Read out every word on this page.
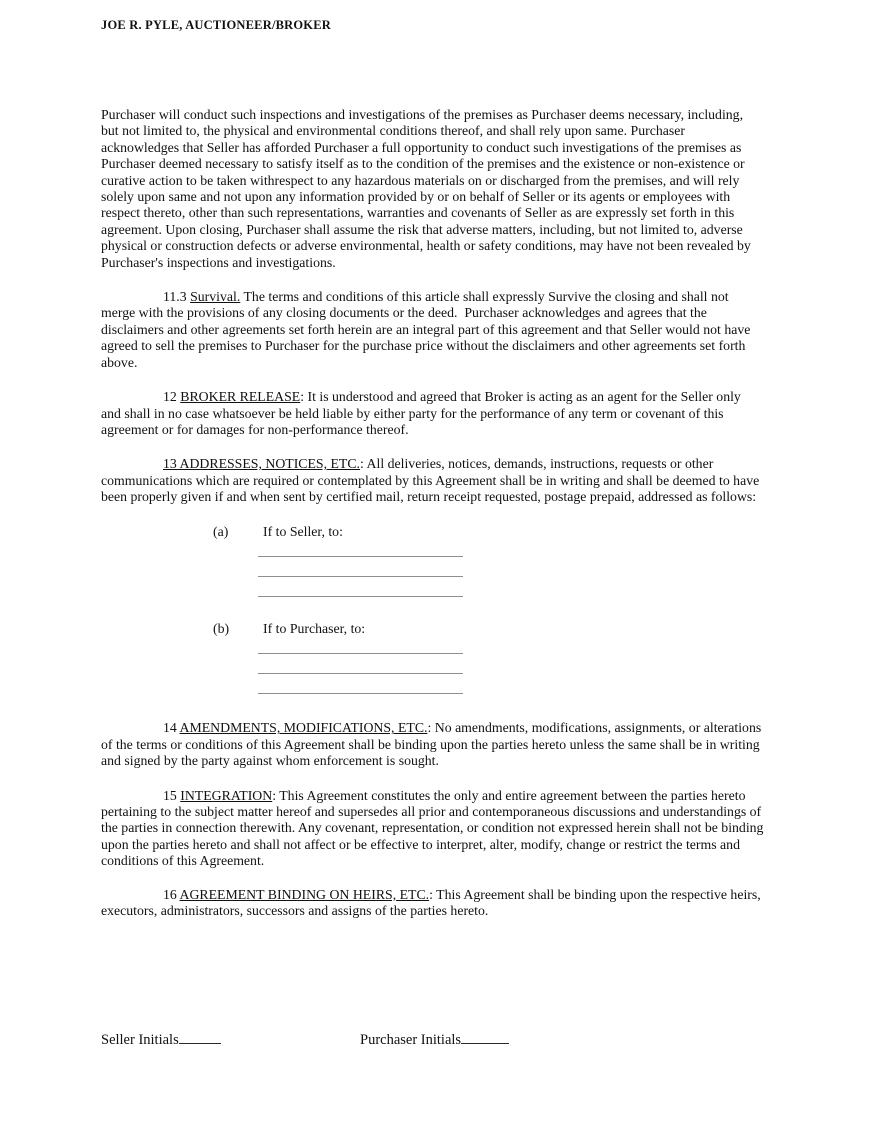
JOE R. PYLE, AUCTIONEER/BROKER

Purchaser will conduct such inspections and investigations of the premises as Purchaser deems necessary, including, but not limited to, the physical and environmental conditions thereof, and shall rely upon same. Purchaser acknowledges that Seller has afforded Purchaser a full opportunity to conduct such investigations of the premises as Purchaser deemed necessary to satisfy itself as to the condition of the premises and the existence or non-existence or curative action to be taken withrespect to any hazardous materials on or discharged from the premises, and will rely solely upon same and not upon any information provided by or on behalf of Seller or its agents or employees with respect thereto, other than such representations, warranties and covenants of Seller as are expressly set forth in this agreement. Upon closing, Purchaser shall assume the risk that adverse matters, including, but not limited to, adverse physical or construction defects or adverse environmental, health or safety conditions, may have not been revealed by Purchaser's inspections and investigations.

11.3 Survival. The terms and conditions of this article shall expressly Survive the closing and shall not merge with the provisions of any closing documents or the deed.  Purchaser acknowledges and agrees that the disclaimers and other agreements set forth herein are an integral part of this agreement and that Seller would not have agreed to sell the premises to Purchaser for the purchase price without the disclaimers and other agreements set forth above.

12 BROKER RELEASE: It is understood and agreed that Broker is acting as an agent for the Seller only and shall in no case whatsoever be held liable by either party for the performance of any term or covenant of this agreement or for damages for non-performance thereof.

13 ADDRESSES, NOTICES, ETC.: All deliveries, notices, demands, instructions, requests or other communications which are required or contemplated by this Agreement shall be in writing and shall be deemed to have been properly given if and when sent by certified mail, return receipt requested, postage prepaid, addressed as follows:

(a)	If to Seller, to:

(b) If to Purchaser, to:

14 AMENDMENTS, MODIFICATIONS, ETC.: No amendments, modifications, assignments, or alterations of the terms or conditions of this Agreement shall be binding upon the parties hereto unless the same shall be in writing and signed by the party against whom enforcement is sought.

15 INTEGRATION: This Agreement constitutes the only and entire agreement between the parties hereto pertaining to the subject matter hereof and supersedes all prior and contemporaneous discussions and understandings of the parties in connection therewith. Any covenant, representation, or condition not expressed herein shall not be binding upon the parties hereto and shall not affect or be effective to interpret, alter, modify, change or restrict the terms and conditions of this Agreement.

16 AGREEMENT BINDING ON HEIRS, ETC.: This Agreement shall be binding upon the respective heirs, executors, administrators, successors and assigns of the parties hereto.

Seller Initials	Purchaser Initials
